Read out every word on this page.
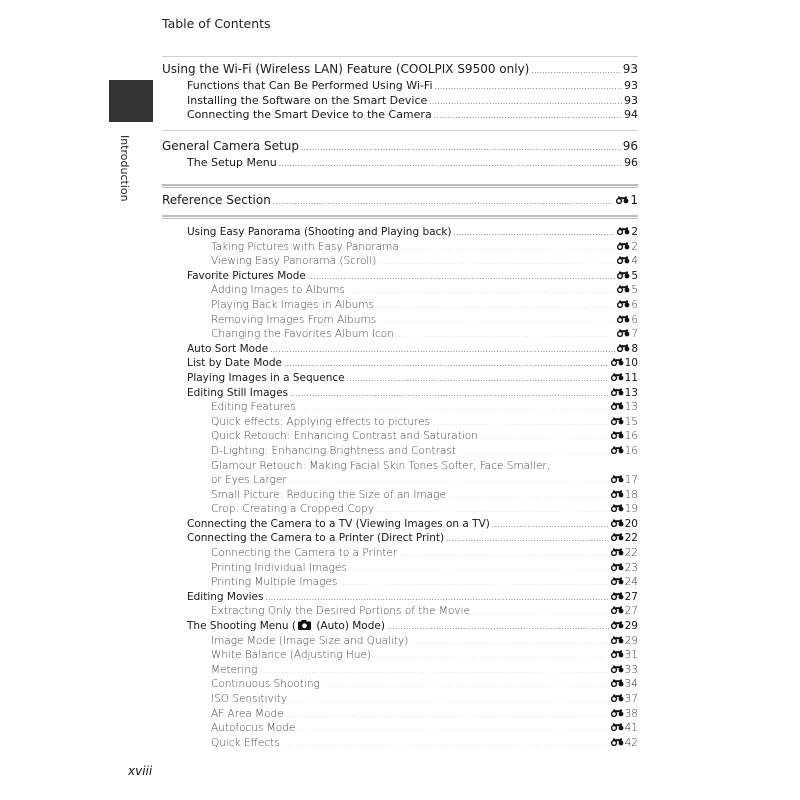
Table of Contents
Introduction
Using the Wi-Fi (Wireless LAN) Feature (COOLPIX S9500 only) .....	93
Functions that Can Be Performed Using Wi-Fi .....	93
Installing the Software on the Smart Device .....	93
Connecting the Smart Device to the Camera .....	94
General Camera Setup .....	96
The Setup Menu .....	96
Reference Section .....	1
Using Easy Panorama (Shooting and Playing back) .....	2
Taking Pictures with Easy Panorama .....	2
Viewing Easy Panorama (Scroll) .....	4
Favorite Pictures Mode .....	5
Adding Images to Albums .....	5
Playing Back Images in Albums .....	6
Removing Images From Albums .....	6
Changing the Favorites Album Icon .....	7
Auto Sort Mode .....	8
List by Date Mode .....	10
Playing Images in a Sequence .....	11
Editing Still Images .....	13
Editing Features .....	13
Quick effects: Applying effects to pictures .....	15
Quick Retouch: Enhancing Contrast and Saturation .....	16
D-Lighting: Enhancing Brightness and Contrast .....	16
Glamour Retouch: Making Facial Skin Tones Softer, Face Smaller,
or Eyes Larger .....	17
Small Picture: Reducing the Size of an Image .....	18
Crop: Creating a Cropped Copy .....	19
Connecting the Camera to a TV (Viewing Images on a TV) .....	20
Connecting the Camera to a Printer (Direct Print) .....	22
Connecting the Camera to a Printer .....	22
Printing Individual Images .....	23
Printing Multiple Images .....	24
Editing Movies .....	27
Extracting Only the Desired Portions of the Movie .....	27
The Shooting Menu ( (Auto) Mode) .....	29
Image Mode (Image Size and Quality) .....	29
White Balance (Adjusting Hue) .....	31
Metering .....	33
Continuous Shooting .....	34
ISO Sensitivity .....	37
AF Area Mode .....	38
Autofocus Mode .....	41
Quick Effects .....	42
xviii
